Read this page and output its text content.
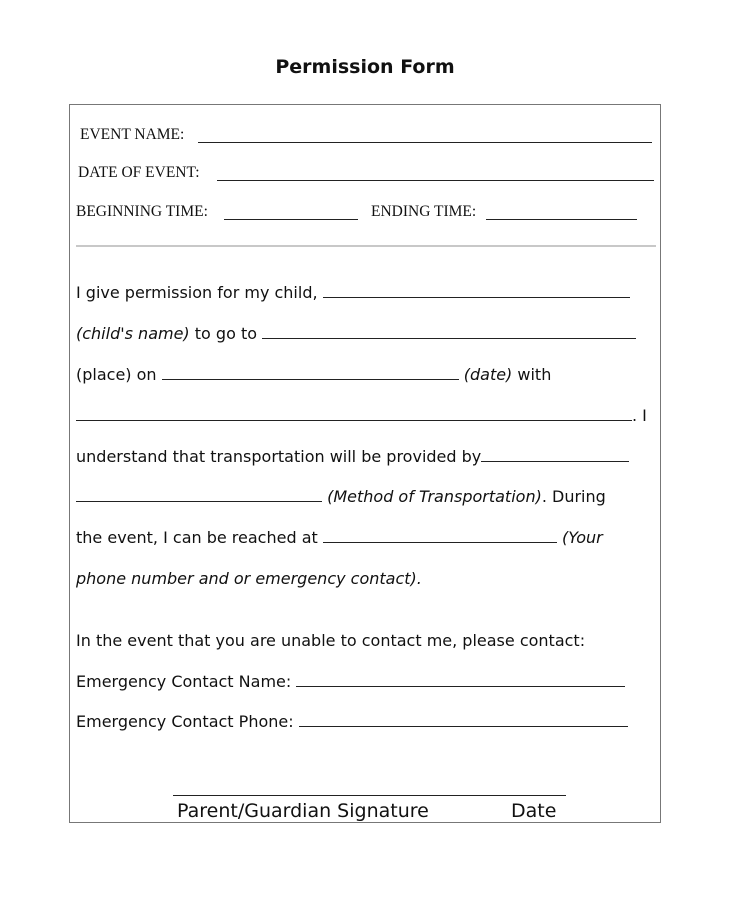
Permission Form
EVENT NAME:
DATE OF EVENT:
BEGINNING TIME:	ENDING TIME:
I give permission for my child,
(child's name) to go to
(place) on	(date) with
. I
understand that transportation will be provided by
(Method of Transportation). During
the event, I can be reached at	(Your
phone number and or emergency contact).
In the event that you are unable to contact me, please contact:
Emergency Contact Name:
Emergency Contact Phone:
Parent/Guardian Signature	Date
